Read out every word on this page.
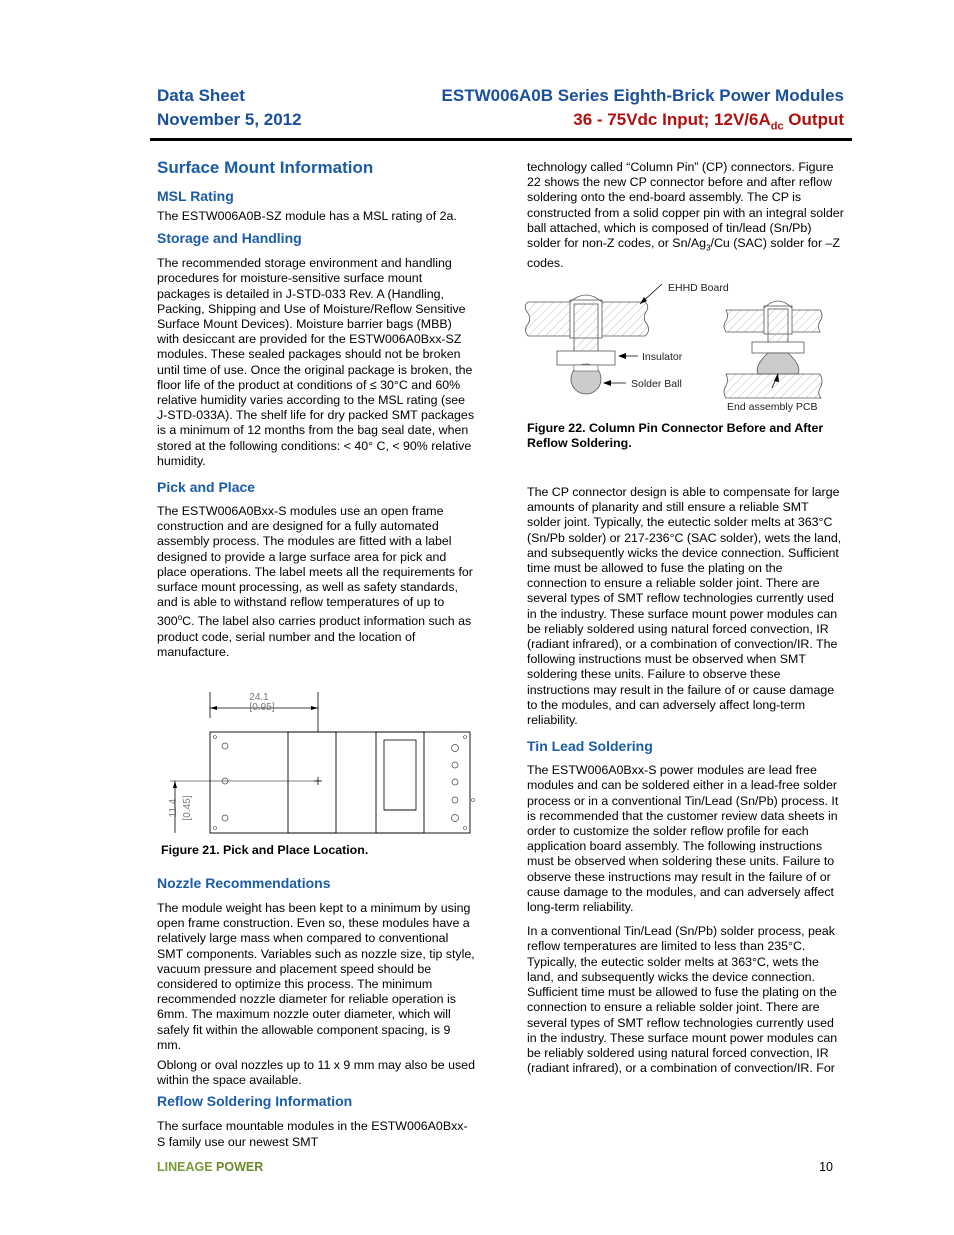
Data Sheet
November 5, 2012
ESTW006A0B Series Eighth-Brick Power Modules
36 - 75Vdc Input; $12V/6A_{dc}$ Output
Surface Mount Information
MSL Rating
The ESTW006A0B-SZ module has a MSL rating of 2a.
Storage and Handling
The recommended storage environment and handling procedures for moisture-sensitive surface mount packages is detailed in J-STD-033 Rev. A (Handling, Packing, Shipping and Use of Moisture/Reflow Sensitive Surface Mount Devices). Moisture barrier bags (MBB) with desiccant are provided for the ESTW006A0Bxx-SZ modules. These sealed packages should not be broken until time of use. Once the original package is broken, the floor life of the product at conditions of ≤ 30°C and 60% relative humidity varies according to the MSL rating (see J-STD-033A). The shelf life for dry packed SMT packages is a minimum of 12 months from the bag seal date, when stored at the following conditions: < 40° C, < 90% relative humidity.
Pick and Place
The ESTW006A0Bxx-S modules use an open frame construction and are designed for a fully automated assembly process. The modules are fitted with a label designed to provide a large surface area for pick and place operations. The label meets all the requirements for surface mount processing, as well as safety standards, and is able to withstand reflow temperatures of up to 300$^o$C. The label also carries product information such as product code, serial number and the location of manufacture.
24.1
[0.95]
11.4 [0.45]
Figure 21. Pick and Place Location.
Nozzle Recommendations
The module weight has been kept to a minimum by using open frame construction. Even so, these modules have a relatively large mass when compared to conventional SMT components. Variables such as nozzle size, tip style, vacuum pressure and placement speed should be considered to optimize this process. The minimum recommended nozzle diameter for reliable operation is 6mm. The maximum nozzle outer diameter, which will safely fit within the allowable component spacing, is 9 mm.
Oblong or oval nozzles up to 11 x 9 mm may also be used within the space available.
Reflow Soldering Information
The surface mountable modules in the ESTW006A0Bxx-S family use our newest SMT
technology called “Column Pin” (CP) connectors. Figure 22 shows the new CP connector before and after reflow soldering onto the end-board assembly. The CP is constructed from a solid copper pin with an integral solder ball attached, which is composed of tin/lead (Sn/Pb) solder for non-Z codes, or $Sn/Ag_3/Cu$ (SAC) solder for –Z codes.
EHHD Board
Insulator
Solder Ball
End assembly PCB
Figure 22. Column Pin Connector Before and After Reflow Soldering.
The CP connector design is able to compensate for large amounts of planarity and still ensure a reliable SMT solder joint. Typically, the eutectic solder melts at 363°C (Sn/Pb solder) or 217-236°C (SAC solder), wets the land, and subsequently wicks the device connection. Sufficient time must be allowed to fuse the plating on the connection to ensure a reliable solder joint. There are several types of SMT reflow technologies currently used in the industry. These surface mount power modules can be reliably soldered using natural forced convection, IR (radiant infrared), or a combination of convection/IR. The following instructions must be observed when SMT soldering these units. Failure to observe these instructions may result in the failure of or cause damage to the modules, and can adversely affect long-term reliability.
Tin Lead Soldering
The ESTW006A0Bxx-S power modules are lead free modules and can be soldered either in a lead-free solder process or in a conventional Tin/Lead (Sn/Pb) process. It is recommended that the customer review data sheets in order to customize the solder reflow profile for each application board assembly. The following instructions must be observed when soldering these units. Failure to observe these instructions may result in the failure of or cause damage to the modules, and can adversely affect long-term reliability.
In a conventional Tin/Lead (Sn/Pb) solder process, peak reflow temperatures are limited to less than 235°C. Typically, the eutectic solder melts at 363°C, wets the land, and subsequently wicks the device connection. Sufficient time must be allowed to fuse the plating on the connection to ensure a reliable solder joint. There are several types of SMT reflow technologies currently used in the industry. These surface mount power modules can be reliably soldered using natural forced convection, IR (radiant infrared), or a combination of convection/IR. For
LINEAGE POWER	10
